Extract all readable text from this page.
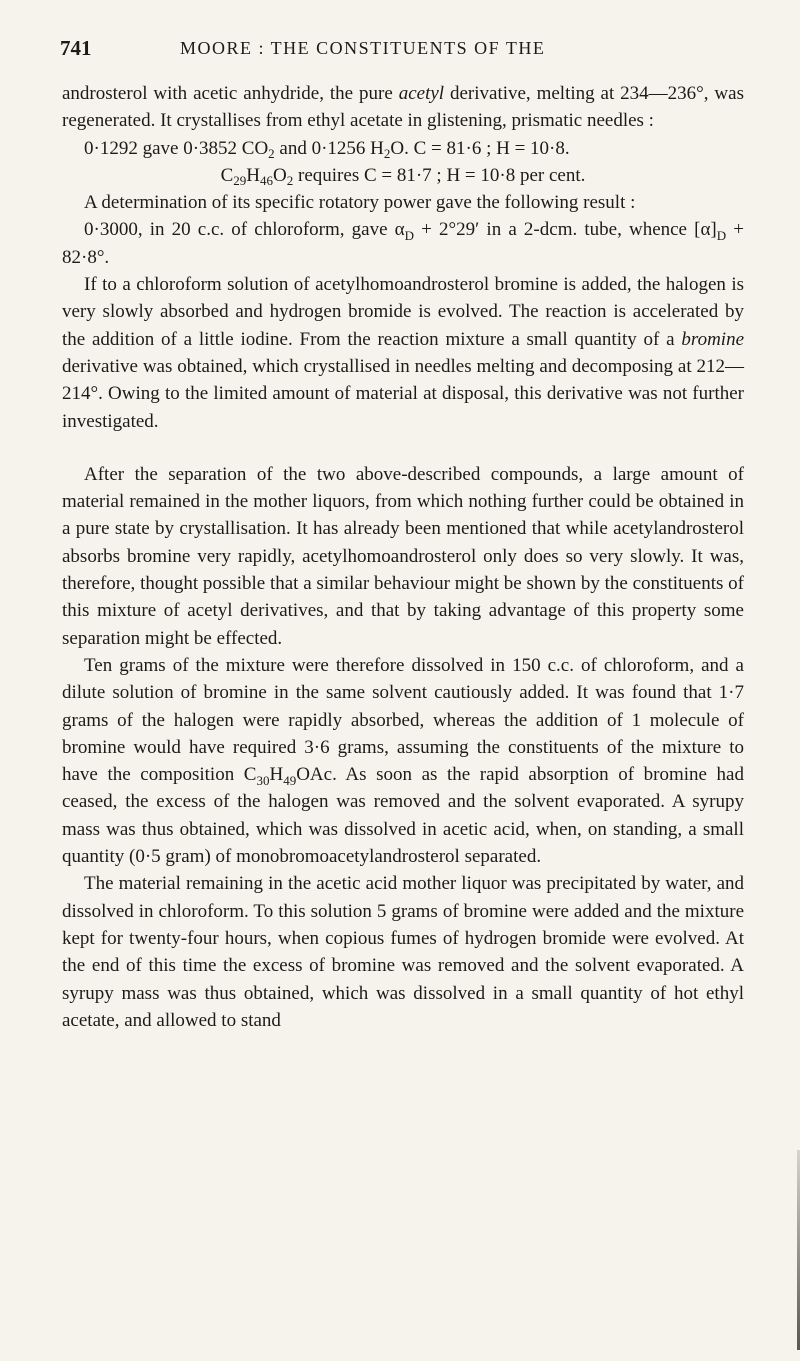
741	MOORE : THE CONSTITUENTS OF THE

androsterol with acetic anhydride, the pure acetyl derivative, melting at 234—236°, was regenerated. It crystallises from ethyl acetate in glistening, prismatic needles :

0·1292 gave 0·3852 $CO_2$ and 0·1256 $H_2O$. C = 81·6 ; H = 10·8.

$C_{29}H_{46}O_2$ requires C = 81·7 ; H = 10·8 per cent.

A determination of its specific rotatory power gave the following result :

0·3000, in 20 c.c. of chloroform, gave $\alpha_D + 2^\circ 29'$ in a 2-dcm. tube, whence $[\alpha]_D + 82\cdot 8^\circ$.

If to a chloroform solution of acetylhomoandrosterol bromine is added, the halogen is very slowly absorbed and hydrogen bromide is evolved. The reaction is accelerated by the addition of a little iodine. From the reaction mixture a small quantity of a bromine derivative was obtained, which crystallised in needles melting and decomposing at 212—214°. Owing to the limited amount of material at disposal, this derivative was not further investigated.

After the separation of the two above-described compounds, a large amount of material remained in the mother liquors, from which nothing further could be obtained in a pure state by crystallisation. It has already been mentioned that while acetylandrosterol absorbs bromine very rapidly, acetylhomoandrosterol only does so very slowly. It was, therefore, thought possible that a similar behaviour might be shown by the constituents of this mixture of acetyl derivatives, and that by taking advantage of this property some separation might be effected.

Ten grams of the mixture were therefore dissolved in 150 c.c. of chloroform, and a dilute solution of bromine in the same solvent cautiously added. It was found that 1·7 grams of the halogen were rapidly absorbed, whereas the addition of 1 molecule of bromine would have required 3·6 grams, assuming the constituents of the mixture to have the composition $C_{30}H_{49}OAc$. As soon as the rapid absorption of bromine had ceased, the excess of the halogen was removed and the solvent evaporated. A syrupy mass was thus obtained, which was dissolved in acetic acid, when, on standing, a small quantity (0·5 gram) of monobromoacetylandrosterol separated.

The material remaining in the acetic acid mother liquor was precipitated by water, and dissolved in chloroform. To this solution 5 grams of bromine were added and the mixture kept for twenty-four hours, when copious fumes of hydrogen bromide were evolved. At the end of this time the excess of bromine was removed and the solvent evaporated. A syrupy mass was thus obtained, which was dissolved in a small quantity of hot ethyl acetate, and allowed to stand
